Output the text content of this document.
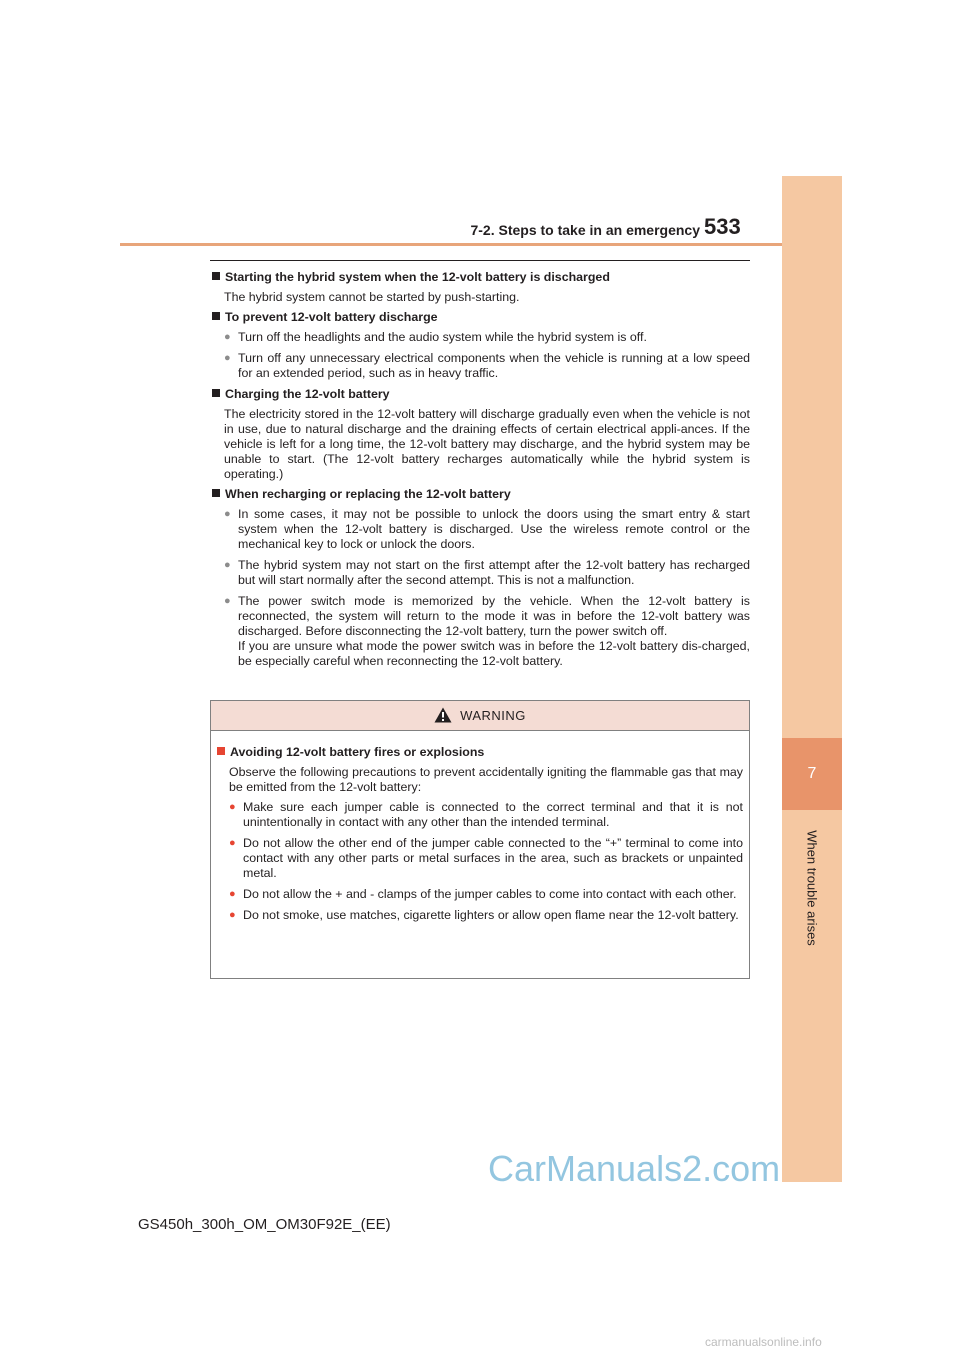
7-2. Steps to take in an emergency 533
7
When trouble arises
Starting the hybrid system when the 12-volt battery is discharged
The hybrid system cannot be started by push-starting.
To prevent 12-volt battery discharge
● Turn off the headlights and the audio system while the hybrid system is off.
● Turn off any unnecessary electrical components when the vehicle is running at a low speed for an extended period, such as in heavy traffic.
Charging the 12-volt battery
The electricity stored in the 12-volt battery will discharge gradually even when the vehicle is not in use, due to natural discharge and the draining effects of certain electrical appli-ances. If the vehicle is left for a long time, the 12-volt battery may discharge, and the hybrid system may be unable to start. (The 12-volt battery recharges automatically while the hybrid system is operating.)
When recharging or replacing the 12-volt battery
● In some cases, it may not be possible to unlock the doors using the smart entry & start system when the 12-volt battery is discharged. Use the wireless remote control or the mechanical key to lock or unlock the doors.
● The hybrid system may not start on the first attempt after the 12-volt battery has recharged but will start normally after the second attempt. This is not a malfunction.
● The power switch mode is memorized by the vehicle. When the 12-volt battery is reconnected, the system will return to the mode it was in before the 12-volt battery was discharged. Before disconnecting the 12-volt battery, turn the power switch off.
If you are unsure what mode the power switch was in before the 12-volt battery dis-charged, be especially careful when reconnecting the 12-volt battery.
WARNING
Avoiding 12-volt battery fires or explosions
Observe the following precautions to prevent accidentally igniting the flammable gas that may be emitted from the 12-volt battery:
● Make sure each jumper cable is connected to the correct terminal and that it is not unintentionally in contact with any other than the intended terminal.
● Do not allow the other end of the jumper cable connected to the “+” terminal to come into contact with any other parts or metal surfaces in the area, such as brackets or unpainted metal.
● Do not allow the + and - clamps of the jumper cables to come into contact with each other.
● Do not smoke, use matches, cigarette lighters or allow open flame near the 12-volt battery.
CarManuals2.com
GS450h_300h_OM_OM30F92E_(EE)
carmanualsonline.info
